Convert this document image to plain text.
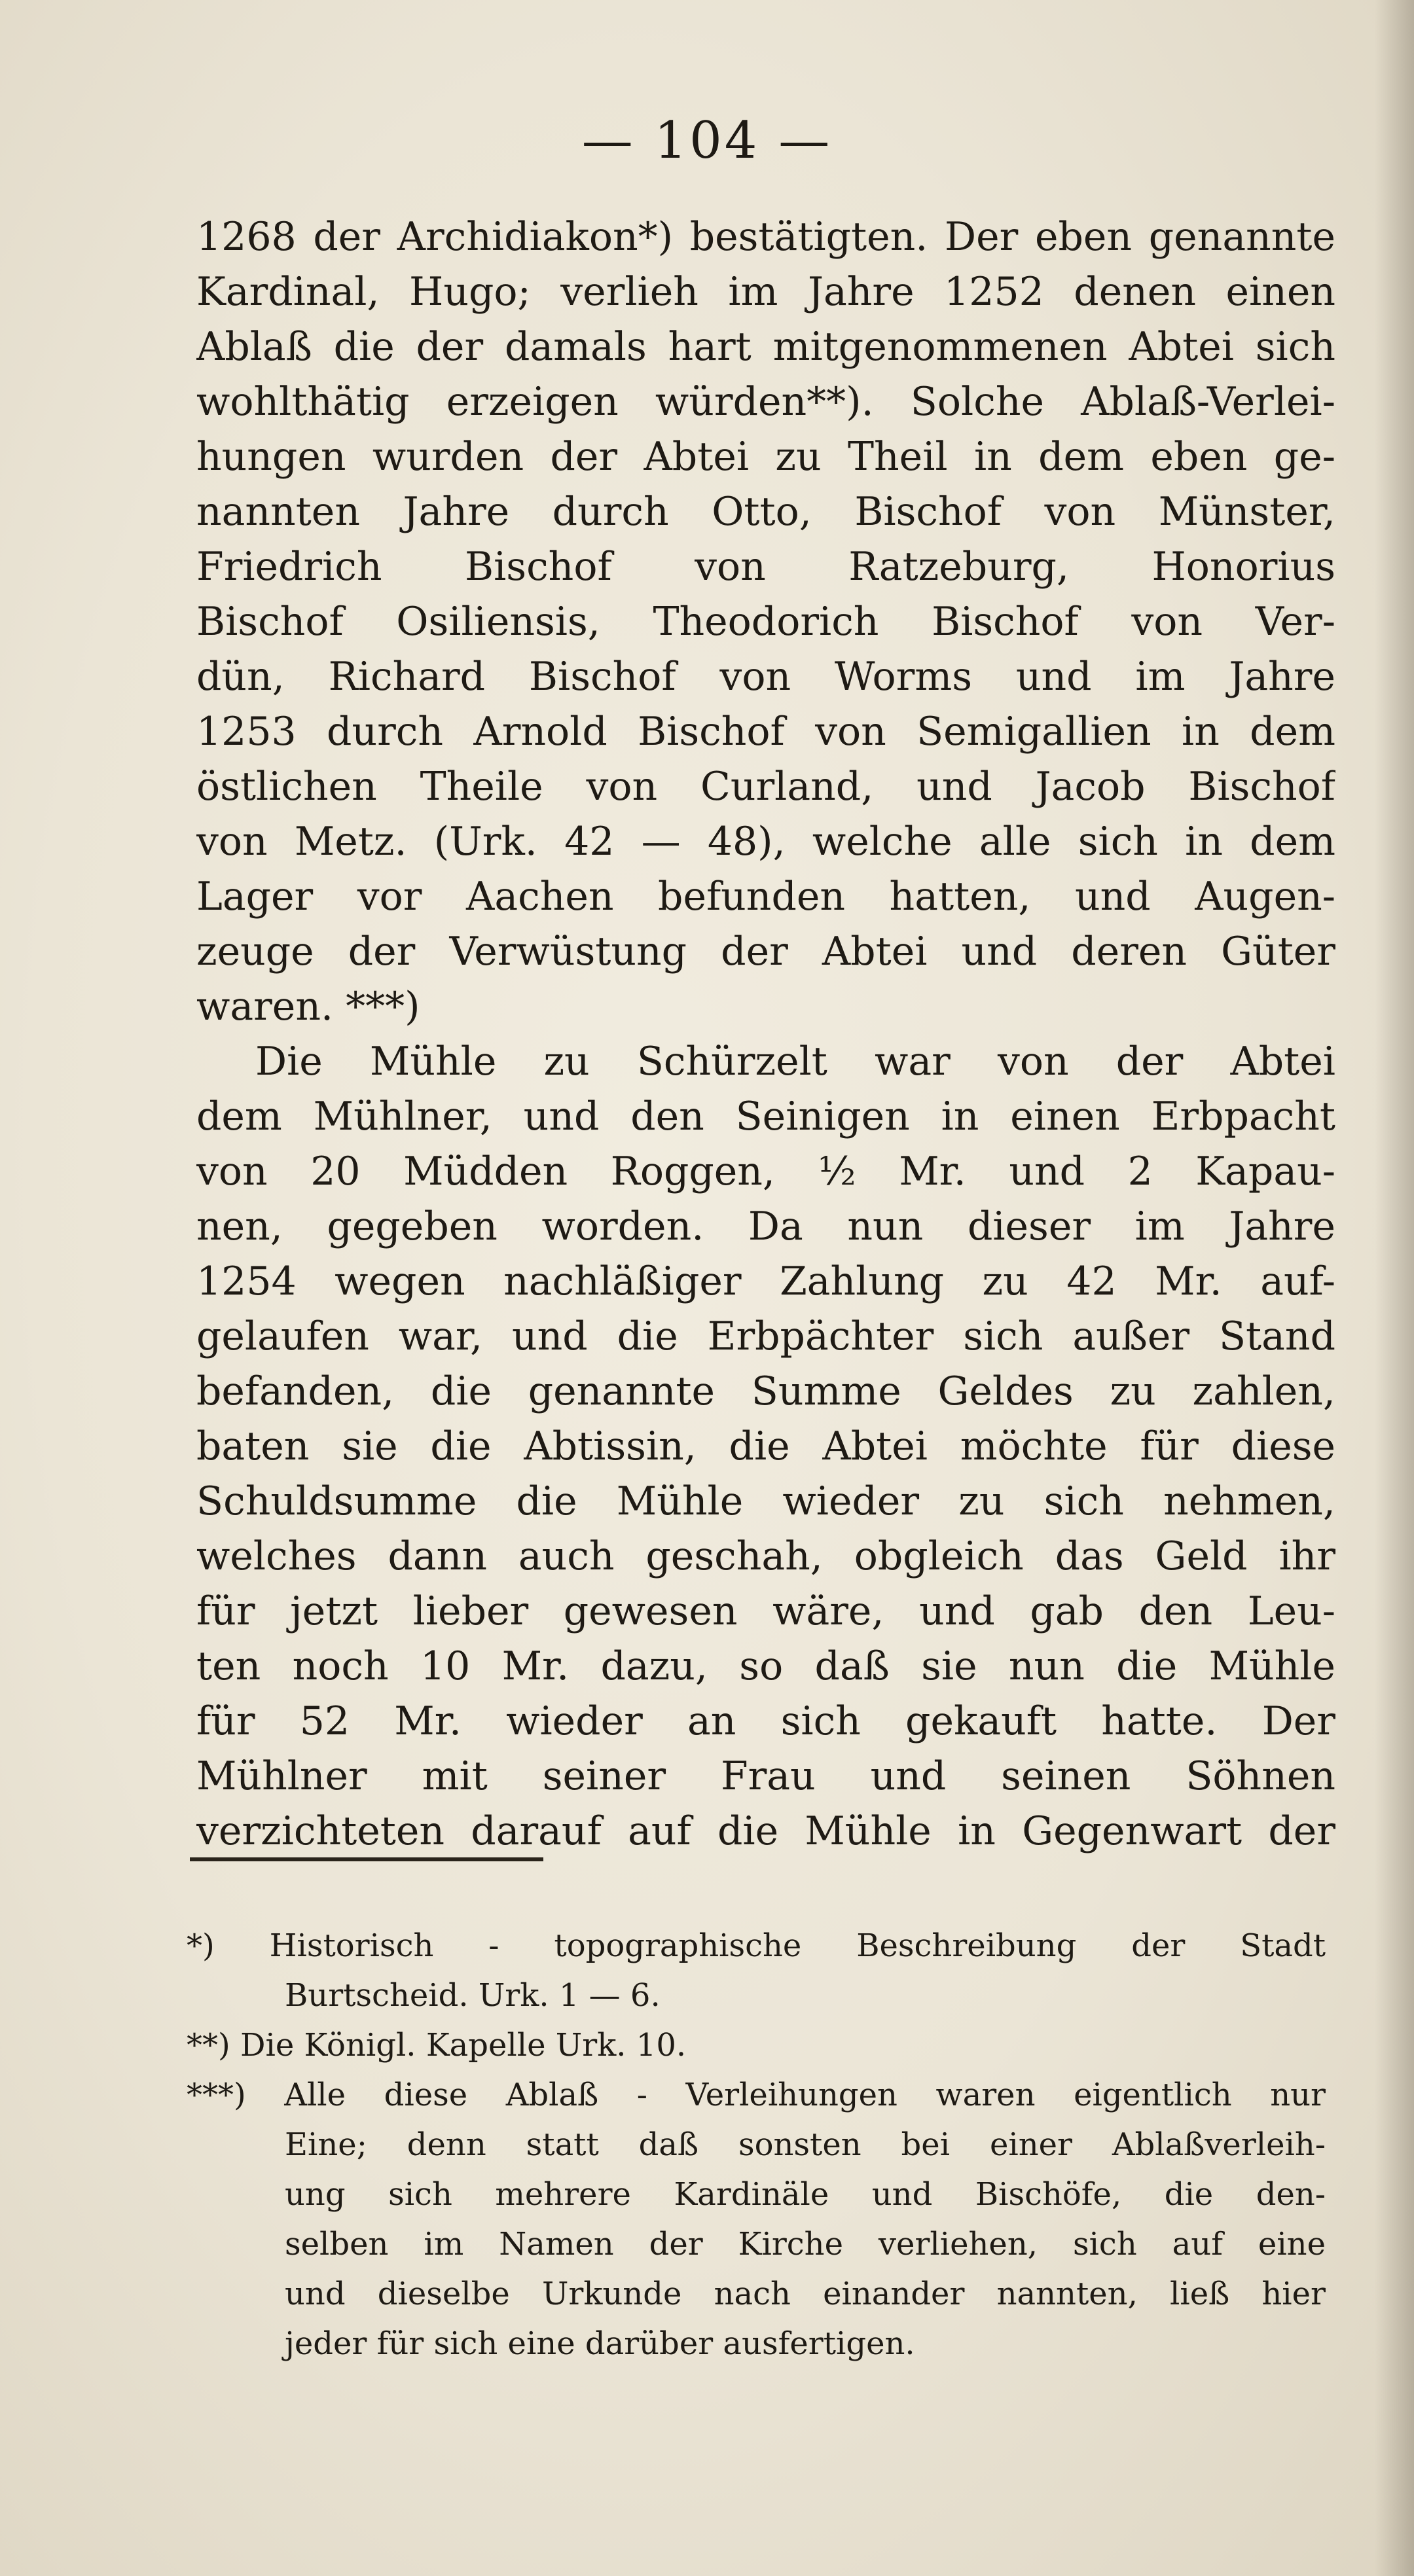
— 104 —
1268 der Archidiakon*) bestätigten. Der eben genannte
Kardinal, Hugo; verlieh im Jahre 1252 denen einen
Ablaß die der damals hart mitgenommenen Abtei sich
wohlthätig erzeigen würden**). Solche Ablaß-Verlei-
hungen wurden der Abtei zu Theil in dem eben ge-
nannten Jahre durch Otto, Bischof von Münster,
Friedrich Bischof von Ratzeburg, Honorius
Bischof Osiliensis, Theodorich Bischof von Ver-
dün, Richard Bischof von Worms und im Jahre
1253 durch Arnold Bischof von Semigallien in dem
östlichen Theile von Curland, und Jacob Bischof
von Metz. (Urk. 42 — 48), welche alle sich in dem
Lager vor Aachen befunden hatten, und Augen-
zeuge der Verwüstung der Abtei und deren Güter
waren. ***)
Die Mühle zu Schürzelt war von der Abtei
dem Mühlner, und den Seinigen in einen Erbpacht
von 20 Müdden Roggen, ½ Mr. und 2 Kapau-
nen, gegeben worden. Da nun dieser im Jahre
1254 wegen nachläßiger Zahlung zu 42 Mr. auf-
gelaufen war, und die Erbpächter sich außer Stand
befanden, die genannte Summe Geldes zu zahlen,
baten sie die Abtissin, die Abtei möchte für diese
Schuldsumme die Mühle wieder zu sich nehmen,
welches dann auch geschah, obgleich das Geld ihr
für jetzt lieber gewesen wäre, und gab den Leu-
ten noch 10 Mr. dazu, so daß sie nun die Mühle
für 52 Mr. wieder an sich gekauft hatte. Der
Mühlner mit seiner Frau und seinen Söhnen
verzichteten darauf auf die Mühle in Gegenwart der
*) Historisch - topographische Beschreibung der Stadt
Burtscheid. Urk. 1 — 6.
**) Die Königl. Kapelle Urk. 10.
***) Alle diese Ablaß - Verleihungen waren eigentlich nur
Eine; denn statt daß sonsten bei einer Ablaßverleih-
ung sich mehrere Kardinäle und Bischöfe, die den-
selben im Namen der Kirche verliehen, sich auf eine
und dieselbe Urkunde nach einander nannten, ließ hier
jeder für sich eine darüber ausfertigen.
